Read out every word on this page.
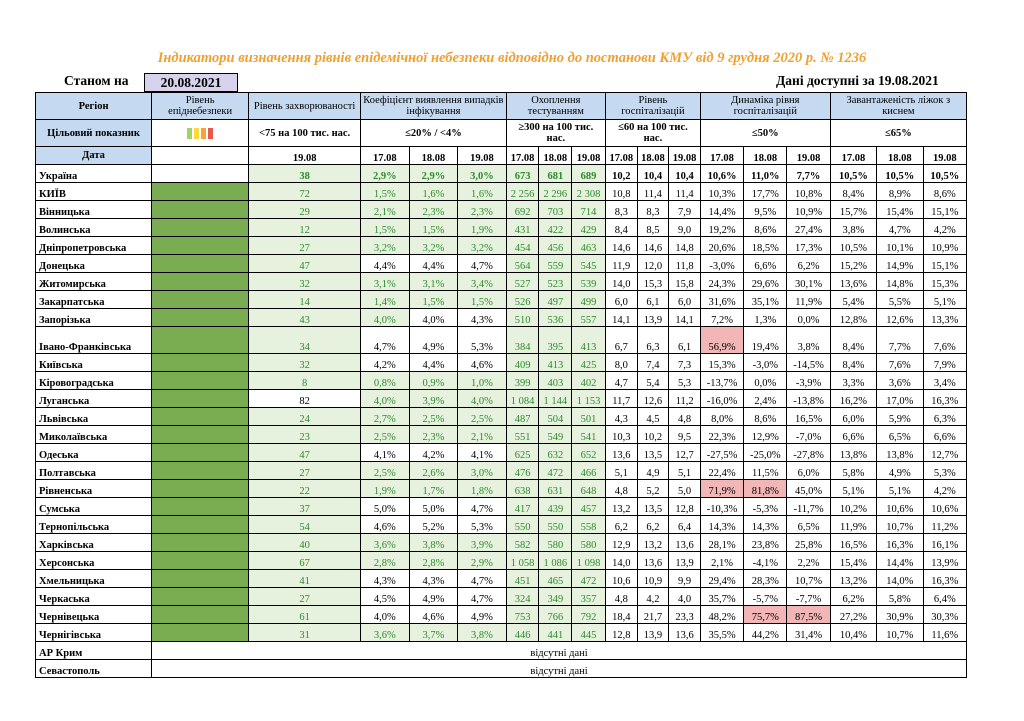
Індикатори визначення рівнів епідемічної небезпеки відповідно до постанови КМУ від 9 грудня 2020 р. № 1236
Станом на	20.08.2021	Дані доступні за 19.08.2021
Регіон	Рівень епіднебезпеки	Рівень захворюваності	Коефіцієнт виявлення випадків інфікування			Охоплення тестуванням			Рівень госпіталізацій			Динаміка рівня госпіталізацій			Завантаженість ліжок з киснем		
Цільовий показник		<75 на 100 тис. нас.	≤20% / <4%			≥300 на 100 тис. нас.			≤60 на 100 тис. нас.			≤50%			≤65%		
Дата		19.08	17.08	18.08	19.08	17.08	18.08	19.08	17.08	18.08	19.08	17.08	18.08	19.08	17.08	18.08	19.08
Україна		38	2,9%	2,9%	3,0%	673	681	689	10,2	10,4	10,4	10,6%	11,0%	7,7%	10,5%	10,5%	10,5%
КИЇВ		72	1,5%	1,6%	1,6%	2 256	2 296	2 308	10,8	11,4	11,4	10,3%	17,7%	10,8%	8,4%	8,9%	8,6%
Вінницька		29	2,1%	2,3%	2,3%	692	703	714	8,3	8,3	7,9	14,4%	9,5%	10,9%	15,7%	15,4%	15,1%
Волинська		12	1,5%	1,5%	1,9%	431	422	429	8,4	8,5	9,0	19,2%	8,6%	27,4%	3,8%	4,7%	4,2%
Дніпропетровська		27	3,2%	3,2%	3,2%	454	456	463	14,6	14,6	14,8	20,6%	18,5%	17,3%	10,5%	10,1%	10,9%
Донецька		47	4,4%	4,4%	4,7%	564	559	545	11,9	12,0	11,8	-3,0%	6,6%	6,2%	15,2%	14,9%	15,1%
Житомирська		32	3,1%	3,1%	3,4%	527	523	539	14,0	15,3	15,8	24,3%	29,6%	30,1%	13,6%	14,8%	15,3%
Закарпатська		14	1,4%	1,5%	1,5%	526	497	499	6,0	6,1	6,0	31,6%	35,1%	11,9%	5,4%	5,5%	5,1%
Запорізька		43	4,0%	4,0%	4,3%	510	536	557	14,1	13,9	14,1	7,2%	1,3%	0,0%	12,8%	12,6%	13,3%
Івано-Франківська		34	4,7%	4,9%	5,3%	384	395	413	6,7	6,3	6,1	56,9%	19,4%	3,8%	8,4%	7,7%	7,6%
Київська		32	4,2%	4,4%	4,6%	409	413	425	8,0	7,4	7,3	15,3%	-3,0%	-14,5%	8,4%	7,6%	7,9%
Кіровоградська		8	0,8%	0,9%	1,0%	399	403	402	4,7	5,4	5,3	-13,7%	0,0%	-3,9%	3,3%	3,6%	3,4%
Луганська		82	4,0%	3,9%	4,0%	1 084	1 144	1 153	11,7	12,6	11,2	-16,0%	2,4%	-13,8%	16,2%	17,0%	16,3%
Львівська		24	2,7%	2,5%	2,5%	487	504	501	4,3	4,5	4,8	8,0%	8,6%	16,5%	6,0%	5,9%	6,3%
Миколаївська		23	2,5%	2,3%	2,1%	551	549	541	10,3	10,2	9,5	22,3%	12,9%	-7,0%	6,6%	6,5%	6,6%
Одеська		47	4,1%	4,2%	4,1%	625	632	652	13,6	13,5	12,7	-27,5%	-25,0%	-27,8%	13,8%	13,8%	12,7%
Полтавська		27	2,5%	2,6%	3,0%	476	472	466	5,1	4,9	5,1	22,4%	11,5%	6,0%	5,8%	4,9%	5,3%
Рівненська		22	1,9%	1,7%	1,8%	638	631	648	4,8	5,2	5,0	71,9%	81,8%	45,0%	5,1%	5,1%	4,2%
Сумська		37	5,0%	5,0%	4,7%	417	439	457	13,2	13,5	12,8	-10,3%	-5,3%	-11,7%	10,2%	10,6%	10,6%
Тернопільська		54	4,6%	5,2%	5,3%	550	550	558	6,2	6,2	6,4	14,3%	14,3%	6,5%	11,9%	10,7%	11,2%
Харківська		40	3,6%	3,8%	3,9%	582	580	580	12,9	13,2	13,6	28,1%	23,8%	25,8%	16,5%	16,3%	16,1%
Херсонська		67	2,8%	2,8%	2,9%	1 058	1 086	1 098	14,0	13,6	13,9	2,1%	-4,1%	2,2%	15,4%	14,4%	13,9%
Хмельницька		41	4,3%	4,3%	4,7%	451	465	472	10,6	10,9	9,9	29,4%	28,3%	10,7%	13,2%	14,0%	16,3%
Черкаська		27	4,5%	4,9%	4,7%	324	349	357	4,8	4,2	4,0	35,7%	-5,7%	-7,7%	6,2%	5,8%	6,4%
Чернівецька		61	4,0%	4,6%	4,9%	753	766	792	18,4	21,7	23,3	48,2%	75,7%	87,5%	27,2%	30,9%	30,3%
Чернігівська		31	3,6%	3,7%	3,8%	446	441	445	12,8	13,9	13,6	35,5%	44,2%	31,4%	10,4%	10,7%	11,6%
АР Крим	відсутні дані																
Севастополь	відсутні дані																
